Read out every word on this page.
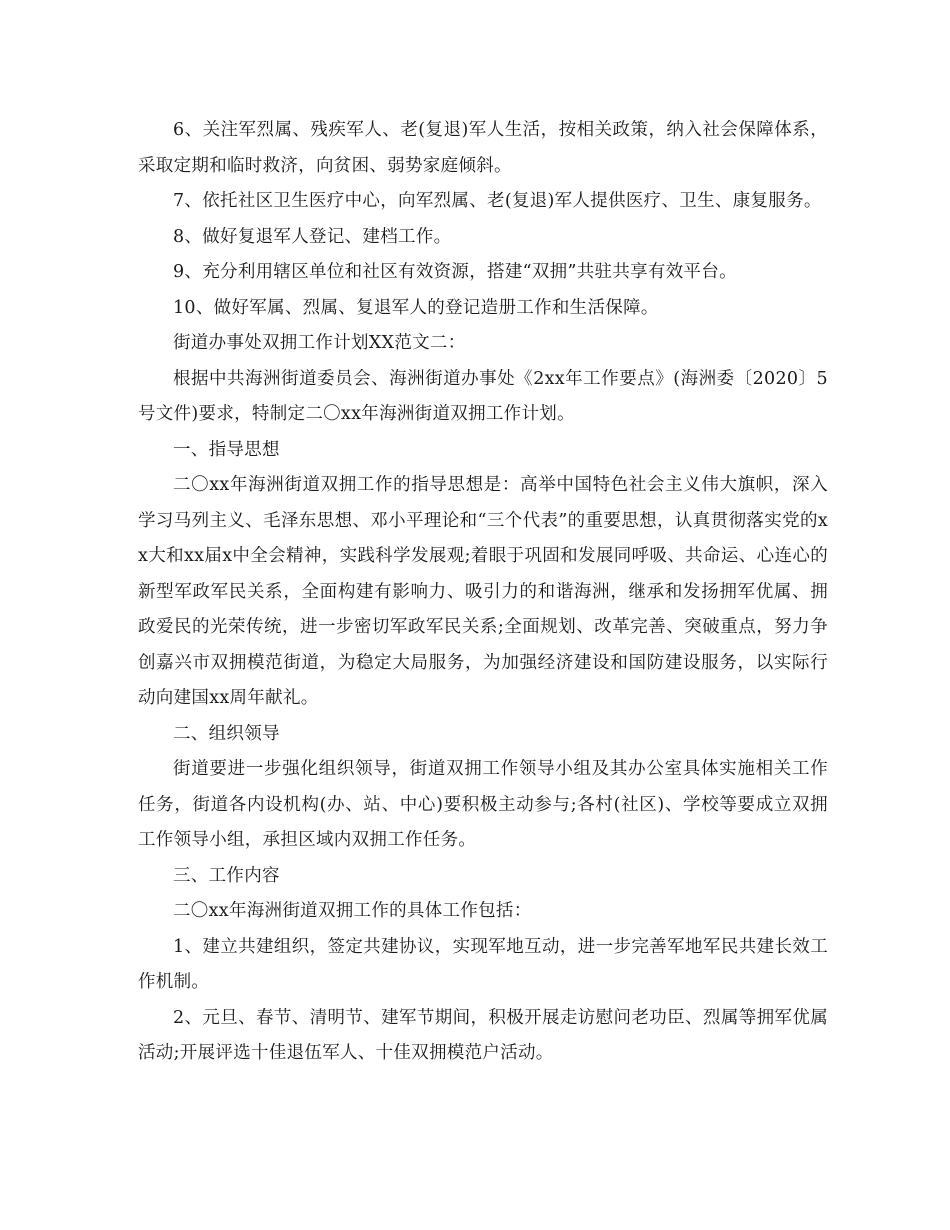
6、关注军烈属、残疾军人、老(复退)军人生活，按相关政策，纳入社会保障体系，采取定期和临时救济，向贫困、弱势家庭倾斜。

7、依托社区卫生医疗中心，向军烈属、老(复退)军人提供医疗、卫生、康复服务。

8、做好复退军人登记、建档工作。

9、充分利用辖区单位和社区有效资源，搭建“双拥”共驻共享有效平台。

10、做好军属、烈属、复退军人的登记造册工作和生活保障。

街道办事处双拥工作计划XX范文二：

根据中共海洲街道委员会、海洲街道办事处《2xx年工作要点》(海洲委〔2020〕5号文件)要求，特制定二〇xx年海洲街道双拥工作计划。

一、指导思想

二〇xx年海洲街道双拥工作的指导思想是：高举中国特色社会主义伟大旗帜，深入学习马列主义、毛泽东思想、邓小平理论和“三个代表”的重要思想，认真贯彻落实党的xx大和xx届x中全会精神，实践科学发展观;着眼于巩固和发展同呼吸、共命运、心连心的新型军政军民关系，全面构建有影响力、吸引力的和谐海洲，继承和发扬拥军优属、拥政爱民的光荣传统，进一步密切军政军民关系;全面规划、改革完善、突破重点，努力争创嘉兴市双拥模范街道，为稳定大局服务，为加强经济建设和国防建设服务，以实际行动向建国xx周年献礼。

二、组织领导

街道要进一步强化组织领导，街道双拥工作领导小组及其办公室具体实施相关工作任务，街道各内设机构(办、站、中心)要积极主动参与;各村(社区)、学校等要成立双拥工作领导小组，承担区域内双拥工作任务。

三、工作内容

二〇xx年海洲街道双拥工作的具体工作包括：

1、建立共建组织，签定共建协议，实现军地互动，进一步完善军地军民共建长效工作机制。

2、元旦、春节、清明节、建军节期间，积极开展走访慰问老功臣、烈属等拥军优属活动;开展评选十佳退伍军人、十佳双拥模范户活动。
